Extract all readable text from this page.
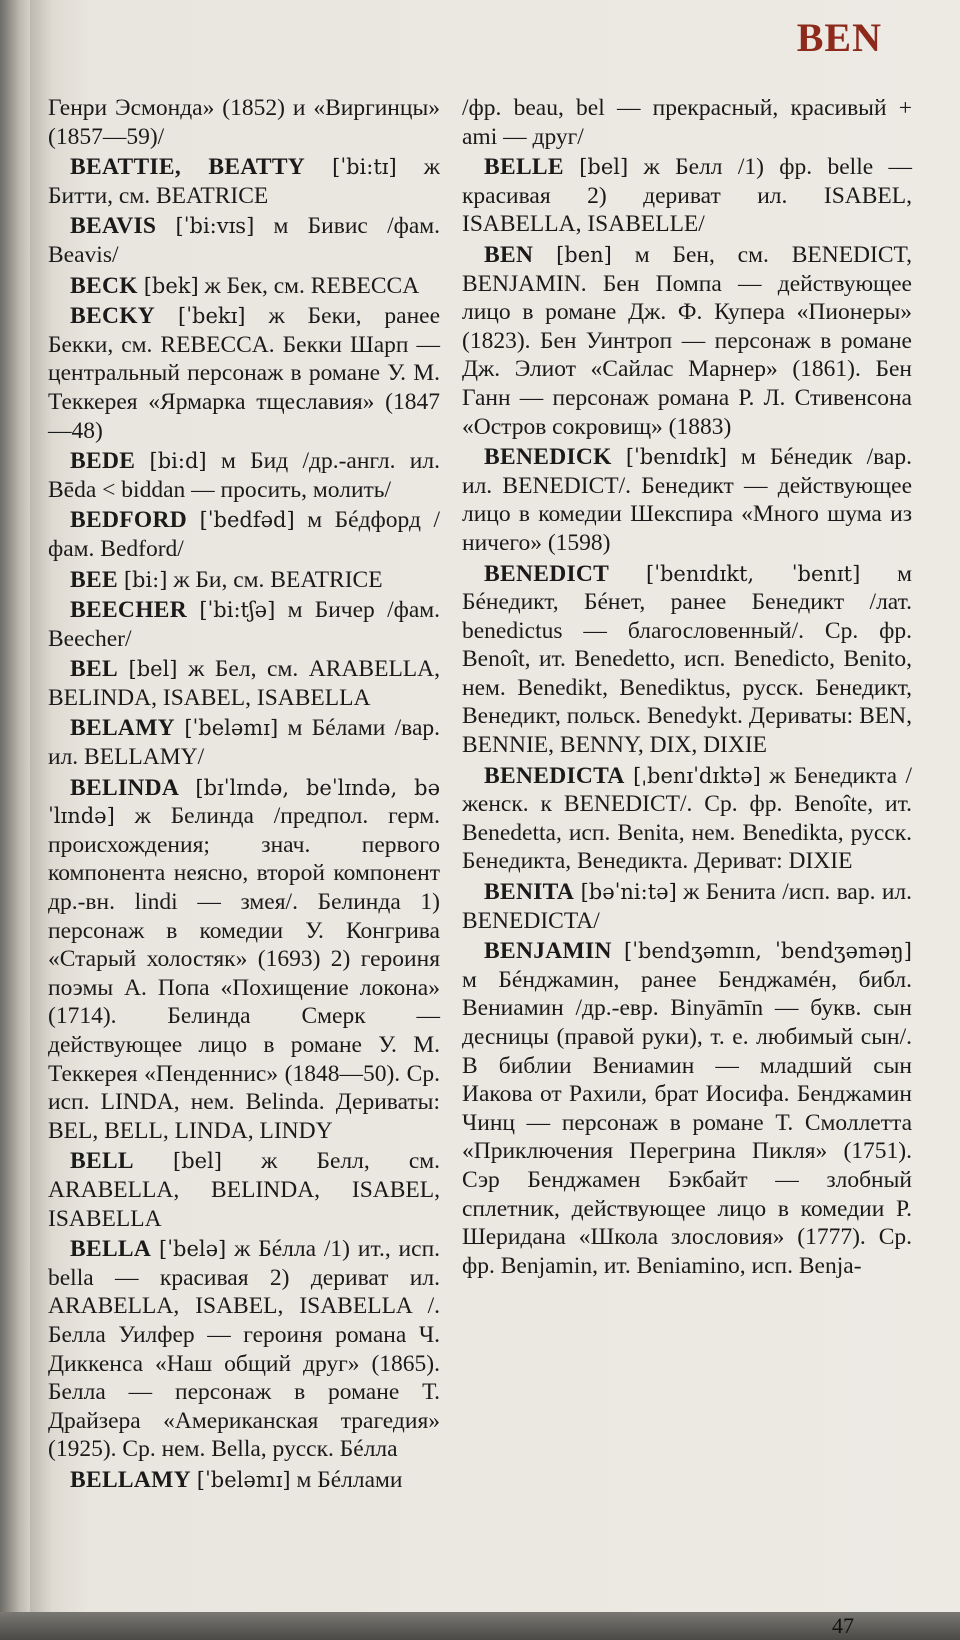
BEN

Генри Эсмонда» (1852) и «Виргинцы» (1857—59)/

BEATTIE, BEATTY [ˈbi:tɪ] ж Битти, см. BEATRICE

BEAVIS [ˈbi:vɪs] м Бивис /фам. Beavis/

BECK [bek] ж Бек, см. REBECCA

BECKY [ˈbekɪ] ж Беки, ранее Бекки, см. REBECCA. Бекки Шарп — центральный персонаж в романе У. М. Теккерея «Ярмарка тщеславия» (1847—48)

BEDE [bi:d] м Бид /др.-англ. ил. Bēda < biddan — просить, молить/

BEDFORD [ˈbedfəd] м Бéдфорд /фам. Bedford/

BEE [bi:] ж Би, см. BEATRICE

BEECHER [ˈbi:tʃə] м Бичер /фам. Beecher/

BEL [bel] ж Бел, см. ARABELLA, BELINDA, ISABEL, ISABELLA

BELAMY [ˈbeləmɪ] м Бéлами /вар. ил. BELLAMY/

BELINDA [bɪˈlɪndə, beˈlɪndə, bəˈlɪndə] ж Белинда /предпол. герм. происхождения; знач. первого компонента неясно, второй компонент др.-вн. lindi — змея/. Белинда 1) персонаж в комедии У. Конгрива «Старый холостяк» (1693) 2) героиня поэмы А. Попа «Похищение локона» (1714). Белинда Смерк — действующее лицо в романе У. М. Теккерея «Пенденнис» (1848—50). Ср. исп. LINDA, нем. Belinda. Дериваты: BEL, BELL, LINDA, LINDY

BELL [bel] ж Белл, см. ARABELLA, BELINDA, ISABEL, ISABELLA

BELLA [ˈbelə] ж Бéлла /1) ит., исп. bella — красивая 2) дериват ил. ARABELLA, ISABEL, ISABELLA /. Белла Уилфер — героиня романа Ч. Диккенса «Наш общий друг» (1865). Белла — персонаж в романе Т. Драйзера «Американская трагедия» (1925). Ср. нем. Bella, русск. Бéлла

BELLAMY [ˈbeləmɪ] м Бéллами

/фр. beau, bel — прекрасный, красивый + ami — друг/

BELLE [bel] ж Белл /1) фр. belle — красивая 2) дериват ил. ISABEL, ISABELLA, ISABELLE/

BEN [ben] м Бен, см. BENEDICT, BENJAMIN. Бен Помпа — действующее лицо в романе Дж. Ф. Купера «Пионеры» (1823). Бен Уинтроп — персонаж в романе Дж. Элиот «Сайлас Марнер» (1861). Бен Ганн — персонаж романа Р. Л. Стивенсона «Остров сокровищ» (1883)

BENEDICK [ˈbenɪdɪk] м Бéнедик /вар. ил. BENEDICT/. Бенедикт — действующее лицо в комедии Шекспира «Много шума из ничего» (1598)

BENEDICT [ˈbenɪdɪkt, ˈbenɪt] м Бéнедикт, Бéнет, ранее Бенедикт /лат. benedictus — благословенный/. Ср. фр. Benoît, ит. Benedetto, исп. Benedicto, Benito, нем. Benedikt, Benediktus, русск. Бенедикт, Венедикт, польск. Benedykt. Дериваты: BEN, BENNIE, BENNY, DIX, DIXIE

BENEDICTA [ˌbenɪˈdɪktə] ж Бенедикта /женск. к BENEDICT/. Ср. фр. Benoîte, ит. Benedetta, исп. Benita, нем. Benedikta, русск. Бенедикта, Венедикта. Дериват: DIXIE

BENITA [bəˈni:tə] ж Бенита /исп. вар. ил. BENEDICTA/

BENJAMIN [ˈbendʒəmɪn, ˈbendʒəməŋ] м Бéнджамин, ранее Бенджамéн, библ. Вениамин /др.-евр. Binyāmīn — букв. сын десницы (правой руки), т. е. любимый сын/. В библии Вениамин — младший сын Иакова от Рахили, брат Иосифа. Бенджамин Чинц — персонаж в романе Т. Смоллетта «Приключения Перегрина Пикля» (1751). Сэр Бенджамен Бэкбайт — злобный сплетник, действующее лицо в комедии Р. Шеридана «Школа злословия» (1777). Ср. фр. Benjamin, ит. Beniamino, исп. Benja-

47
